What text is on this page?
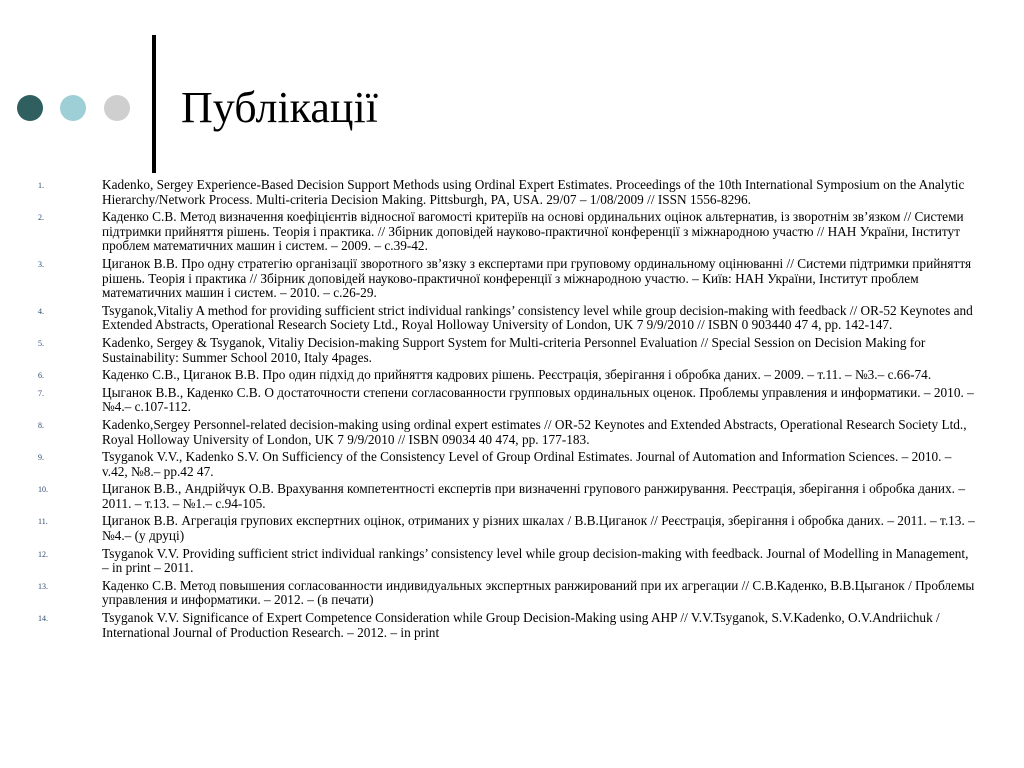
Публікації
1.	Kadenko, Sergey Experience-Based Decision Support Methods using Ordinal Expert Estimates. Proceedings of the 10th International Symposium on the Analytic Hierarchy/Network Process. Multi-criteria Decision Making. Pittsburgh, PA, USA. 29/07 – 1/08/2009 // ISSN 1556-8296.
2.	Каденко С.В. Метод визначення коефіцієнтів відносної вагомості критеріїв на основі ординальних оцінок альтернатив, із зворотнім зв’язком // Системи підтримки прийняття рішень. Теорія і практика. // Збірник доповідей науково-практичної конференції з міжнародною участю // НАН України, Інститут проблем математичних машин і систем. – 2009. – с.39-42.
3.	Циганок В.В. Про одну стратегію організації зворотного зв’язку з експертами при груповому ординальному оцінюванні // Системи підтримки прийняття рішень. Теорія і практика // Збірник доповідей науково-практичної конференції з міжнародною участю. – Київ: НАН України, Інститут проблем математичних машин і систем. – 2010. – с.26-29.
4.	Tsyganok,Vitaliy A method for providing sufficient strict individual rankings’ consistency level while group decision-making with feedback // OR-52 Keynotes and Extended Abstracts, Operational Research Society Ltd., Royal Holloway University of London, UK 7 9/9/2010 // ISBN 0 903440 47 4, pp. 142-147.
5.	Kadenko, Sergey & Tsyganok, Vitaliy Decision-making Support System for Multi-criteria Personnel Evaluation // Special Session on Decision Making for Sustainability: Summer School 2010, Italy 4pages.
6.	Каденко С.В., Циганок В.В. Про один підхід до прийняття кадрових рішень. Реєстрація, зберігання і обробка даних. – 2009. – т.11. – №3.– с.66-74.
7.	Цыганок В.В., Каденко С.В. О достаточности степени согласованности групповых ординальных оценок. Проблемы управления и информатики. – 2010. – №4.– с.107-112.
8.	Kadenko,Sergey Personnel-related decision-making using ordinal expert estimates // OR-52 Keynotes and Extended Abstracts, Operational Research Society Ltd., Royal Holloway University of London, UK 7 9/9/2010 // ISBN 09034 40 474, pp. 177-183.
9.	Tsyganok V.V., Kadenko S.V. On Sufficiency of the Consistency Level of Group Ordinal Estimates. Journal of Automation and Information Sciences. – 2010. – v.42, №8.– pp.42 47.
10.	Циганок В.В., Андрійчук О.В. Врахування компетентності експертів при визначенні групового ранжирування. Реєстрація, зберігання і обробка даних. – 2011. – т.13. – №1.– с.94-105.
11.	Циганок В.В. Агрегація групових експертних оцінок, отриманих у різних шкалах / В.В.Циганок // Реєстрація, зберігання і обробка даних. – 2011. – т.13. – №4.– (у друці)
12.	Tsyganok V.V. Providing sufficient strict individual rankings’ consistency level while group decision-making with feedback. Journal of Modelling in Management, – in print – 2011.
13.	Каденко С.В. Метод повышения согласованности индивидуальных экспертных ранжирований при их агрегации // С.В.Каденко, В.В.Цыганок / Проблемы управления и информатики. – 2012. – (в печати)
14.	Tsyganok V.V. Significance of Expert Competence Consideration while Group Decision-Making using AHP // V.V.Tsyganok, S.V.Kadenko, O.V.Andriichuk / International Journal of Production Research. – 2012. – in print
